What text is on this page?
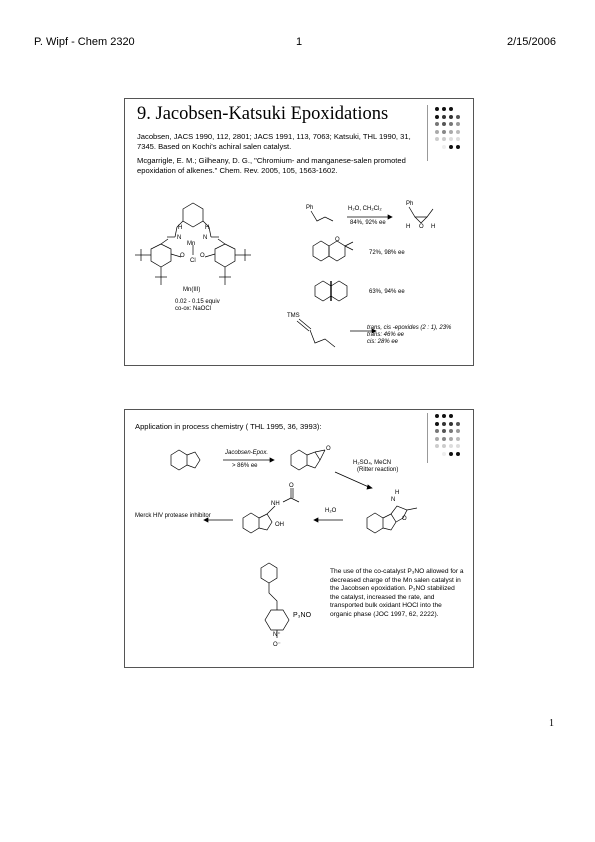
P. Wipf - Chem 2320	1	2/15/2006
9. Jacobsen-Katsuki Epoxidations
Jacobsen, JACS 1990, 112, 2801; JACS 1991, 113, 7063; Katsuki, THL 1990, 31, 7345. Based on Kochi's achiral salen catalyst.
Mcgarrigle, E. M.; Gilheany, D. G., "Chromium- and manganese-salen promoted epoxidation of alkenes." Chem. Rev. 2005, 105, 1563-1602.
H	H
N	N
Mn
O	O
Cl
Ph
Ph
H O H
O
TMS
Mn(III)
0.02 - 0.15 equiv
co-ox: NaOCl
H₂O, CH₂Cl₂
84%, 92% ee
72%, 98% ee
63%, 94% ee
trans, cis -epoxides (2 : 1), 23%
trans: 46% ee
cis: 28% ee
Application in process chemistry ( THL 1995, 36, 3993):
O
N
H
O
NH
O
OH
N⁺
O⁻
Jacobsen-Epox.
> 86% ee	H₂SO₄, MeCN
(Ritter reaction)
H₂O
Merck HIV protease inhibitor
P₃NO
The use of the co-catalyst P₃NO allowed for a decreased charge of the Mn salen catalyst in the Jacobsen epoxidation. P₃NO stabilized the catalyst, increased the rate, and transported bulk oxidant HOCl into the organic phase (JOC 1997, 62, 2222).
1
